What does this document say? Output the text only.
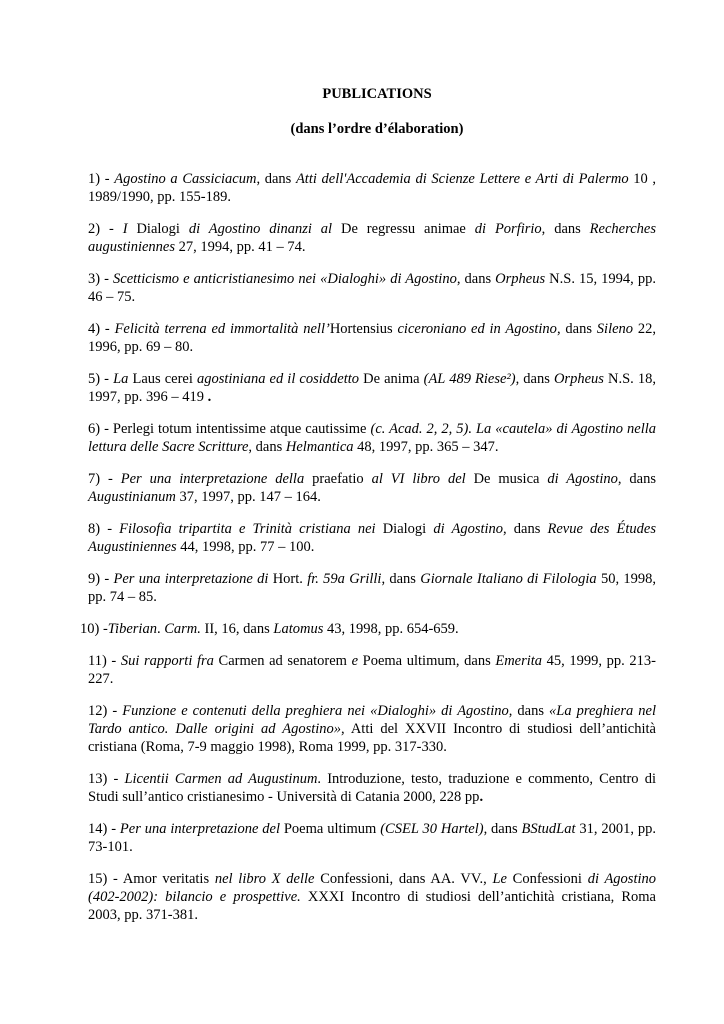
PUBLICATIONS
(dans l’ordre d’élaboration)

1) - Agostino a Cassiciacum, dans Atti dell'Accademia di Scienze Lettere e Arti di Palermo 10 , 1989/1990, pp. 155-189.

2) - I Dialogi di Agostino dinanzi al De regressu animae di Porfirio, dans Recherches augustiniennes 27, 1994, pp. 41 – 74.

3) - Scetticismo e anticristianesimo nei «Dialoghi» di Agostino, dans Orpheus N.S. 15, 1994, pp. 46 – 75.

4) - Felicità terrena ed immortalità nell’Hortensius ciceroniano ed in Agostino, dans Sileno 22, 1996, pp. 69 – 80.

5) - La Laus cerei agostiniana ed il cosiddetto De anima (AL 489 Riese²), dans Orpheus N.S. 18, 1997, pp. 396 – 419 .

6) - Perlegi totum intentissime atque cautissime (c. Acad. 2, 2, 5). La «cautela» di Agostino nella lettura delle Sacre Scritture, dans Helmantica 48, 1997, pp. 365 – 347.

7) - Per una interpretazione della praefatio al VI libro del De musica di Agostino, dans Augustinianum 37, 1997, pp. 147 – 164.

8) - Filosofia tripartita e Trinità cristiana nei Dialogi di Agostino, dans Revue des Études Augustiniennes 44, 1998, pp. 77 – 100.

9) - Per una interpretazione di Hort. fr. 59a Grilli, dans Giornale Italiano di Filologia 50, 1998, pp. 74 – 85.

10) -Tiberian. Carm. II, 16, dans Latomus 43, 1998, pp. 654-659.

11) - Sui rapporti fra Carmen ad senatorem e Poema ultimum, dans Emerita 45, 1999, pp. 213-227.

12) - Funzione e contenuti della preghiera nei «Dialoghi» di Agostino, dans «La preghiera nel Tardo antico. Dalle origini ad Agostino», Atti del XXVII Incontro di studiosi dell’antichità cristiana (Roma, 7-9 maggio 1998), Roma 1999, pp. 317-330.

13) - Licentii Carmen ad Augustinum. Introduzione, testo, traduzione e commento, Centro di Studi sull’antico cristianesimo - Università di Catania 2000, 228 pp.

14) - Per una interpretazione del Poema ultimum (CSEL 30 Hartel), dans BStudLat 31, 2001, pp. 73-101.

15) - Amor veritatis nel libro X delle Confessioni, dans AA. VV., Le Confessioni di Agostino (402-2002): bilancio e prospettive. XXXI Incontro di studiosi dell’antichità cristiana, Roma 2003, pp. 371-381.
